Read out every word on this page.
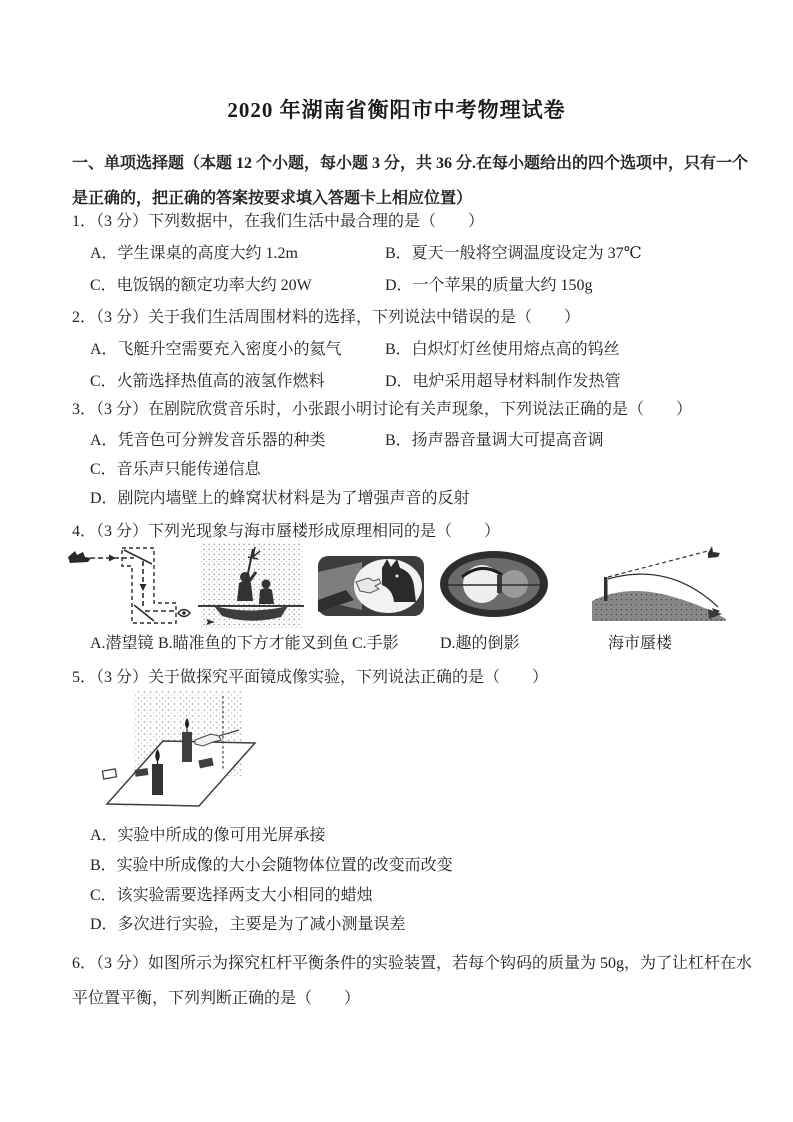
2020 年湖南省衡阳市中考物理试卷
一、单项选择题（本题 12 个小题，每小题 3 分，共 36 分.在每小题给出的四个选项中，只有一个是正确的，把正确的答案按要求填入答题卡上相应位置）
1．（3 分）下列数据中，在我们生活中最合理的是（　　）
A．学生课桌的高度大约 1.2m	B．夏天一般将空调温度设定为 37℃
C．电饭锅的额定功率大约 20W	D．一个苹果的质量大约 150g
2．（3 分）关于我们生活周围材料的选择，下列说法中错误的是（　　）
A．飞艇升空需要充入密度小的氦气	B．白炽灯灯丝使用熔点高的钨丝
C．火箭选择热值高的液氢作燃料	D．电炉采用超导材料制作发热管
3．（3 分）在剧院欣赏音乐时，小张跟小明讨论有关声现象，下列说法正确的是（　　）
A．凭音色可分辨发音乐器的种类	B．扬声器音量调大可提高音调
C．音乐声只能传递信息
D．剧院内墙壁上的蜂窝状材料是为了增强声音的反射
4．（3 分）下列光现象与海市蜃楼形成原理相同的是（　　）
A.潜望镜 B.瞄准鱼的下方才能叉到鱼 C.手影	D.趣的倒影	海市蜃楼
5．（3 分）关于做探究平面镜成像实验，下列说法正确的是（　　）
A．实验中所成的像可用光屏承接
B．实验中所成像的大小会随物体位置的改变而改变
C．该实验需要选择两支大小相同的蜡烛
D．多次进行实验，主要是为了减小测量误差
6．（3 分）如图所示为探究杠杆平衡条件的实验装置，若每个钩码的质量为 50g，为了让杠杆在水平位置平衡，下列判断正确的是（　　）
